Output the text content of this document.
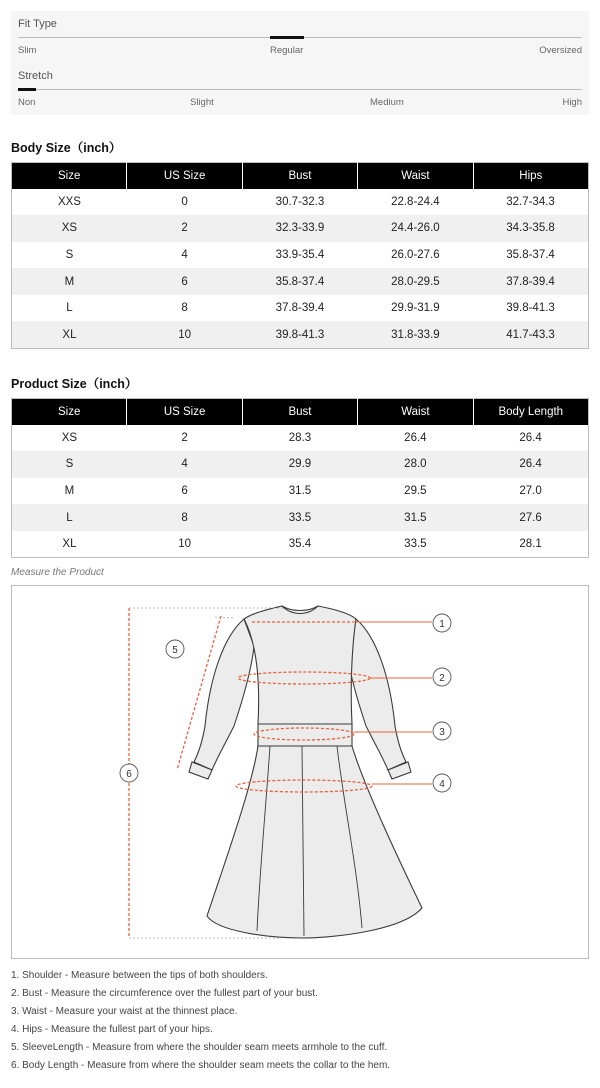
Fit Type
Slim	Regular	Oversized
Stretch
Non	Slight	Medium	High
Body Size（inch）
Size	US Size	Bust	Waist	Hips
XXS	0	30.7-32.3	22.8-24.4	32.7-34.3
XS	2	32.3-33.9	24.4-26.0	34.3-35.8
S	4	33.9-35.4	26.0-27.6	35.8-37.4
M	6	35.8-37.4	28.0-29.5	37.8-39.4
L	8	37.8-39.4	29.9-31.9	39.8-41.3
XL	10	39.8-41.3	31.8-33.9	41.7-43.3
Product Size（inch）
Size	US Size	Bust	Waist	Body Length
XS	2	28.3	26.4	26.4
S	4	29.9	28.0	26.4
M	6	31.5	29.5	27.0
L	8	33.5	31.5	27.6
XL	10	35.4	33.5	28.1
Measure the Product
1
2
3
4
5
6
1. Shoulder - Measure between the tips of both shoulders.
2. Bust - Measure the circumference over the fullest part of your bust.
3. Waist - Measure your waist at the thinnest place.
4. Hips - Measure the fullest part of your hips.
5. SleeveLength - Measure from where the shoulder seam meets armhole to the cuff.
6. Body Length - Measure from where the shoulder seam meets the collar to the hem.
